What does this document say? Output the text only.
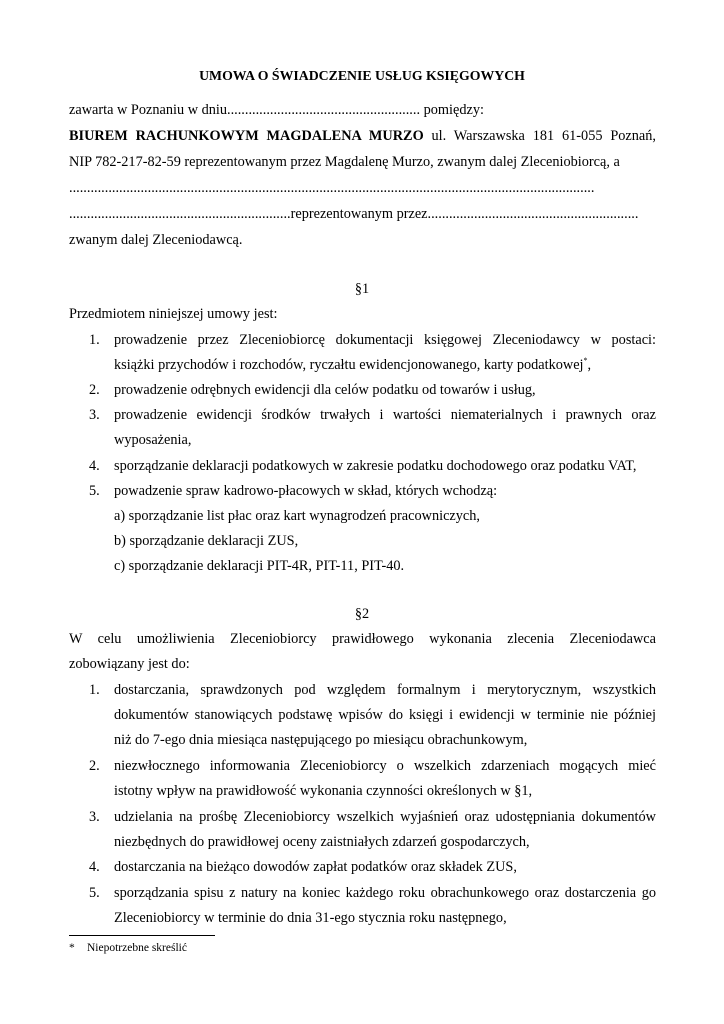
UMOWA O ŚWIADCZENIE USŁUG KSIĘGOWYCH
zawarta w Poznaniu w dniu...................................................... pomiędzy:
BIUREM RACHUNKOWYM MAGDALENA MURZO ul. Warszawska 181 61-055 Poznań,
NIP 782-217-82-59 reprezentowanym przez Magdalenę Murzo, zwanym dalej Zleceniobiorcą, a
...................................................................................................................................................
..............................................................reprezentowanym przez...........................................................
zwanym dalej Zleceniodawcą.
§1
Przedmiotem niniejszej umowy jest:
1. prowadzenie przez Zleceniobiorcę dokumentacji księgowej Zleceniodawcy w postaci:
książki przychodów i rozchodów, ryczałtu ewidencjonowanego, karty podatkowej*,
2. prowadzenie odrębnych ewidencji dla celów podatku od towarów i usług,
3. prowadzenie ewidencji środków trwałych i wartości niematerialnych i prawnych oraz
wyposażenia,
4. sporządzanie deklaracji podatkowych w zakresie podatku dochodowego oraz podatku VAT,
5. powadzenie spraw kadrowo-płacowych w skład, których wchodzą:
a) sporządzanie list płac oraz kart wynagrodzeń pracowniczych,
b) sporządzanie deklaracji ZUS,
c) sporządzanie deklaracji PIT-4R, PIT-11, PIT-40.
§2
W celu umożliwienia Zleceniobiorcy prawidłowego wykonania zlecenia Zleceniodawca
zobowiązany jest do:
1. dostarczania, sprawdzonych pod względem formalnym i merytorycznym, wszystkich
dokumentów stanowiących podstawę wpisów do księgi i ewidencji w terminie nie później
niż do 7-ego dnia miesiąca następującego po miesiącu obrachunkowym,
2. niezwłocznego informowania Zleceniobiorcy o wszelkich zdarzeniach mogących mieć
istotny wpływ na prawidłowość wykonania czynności określonych w §1,
3. udzielania na prośbę Zleceniobiorcy wszelkich wyjaśnień oraz udostępniania dokumentów
niezbędnych do prawidłowej oceny zaistniałych zdarzeń gospodarczych,
4. dostarczania na bieżąco dowodów zapłat podatków oraz składek ZUS,
5. sporządzania spisu z natury na koniec każdego roku obrachunkowego oraz dostarczenia go
Zleceniobiorcy w terminie do dnia 31-ego stycznia roku następnego,
* Niepotrzebne skreślić
